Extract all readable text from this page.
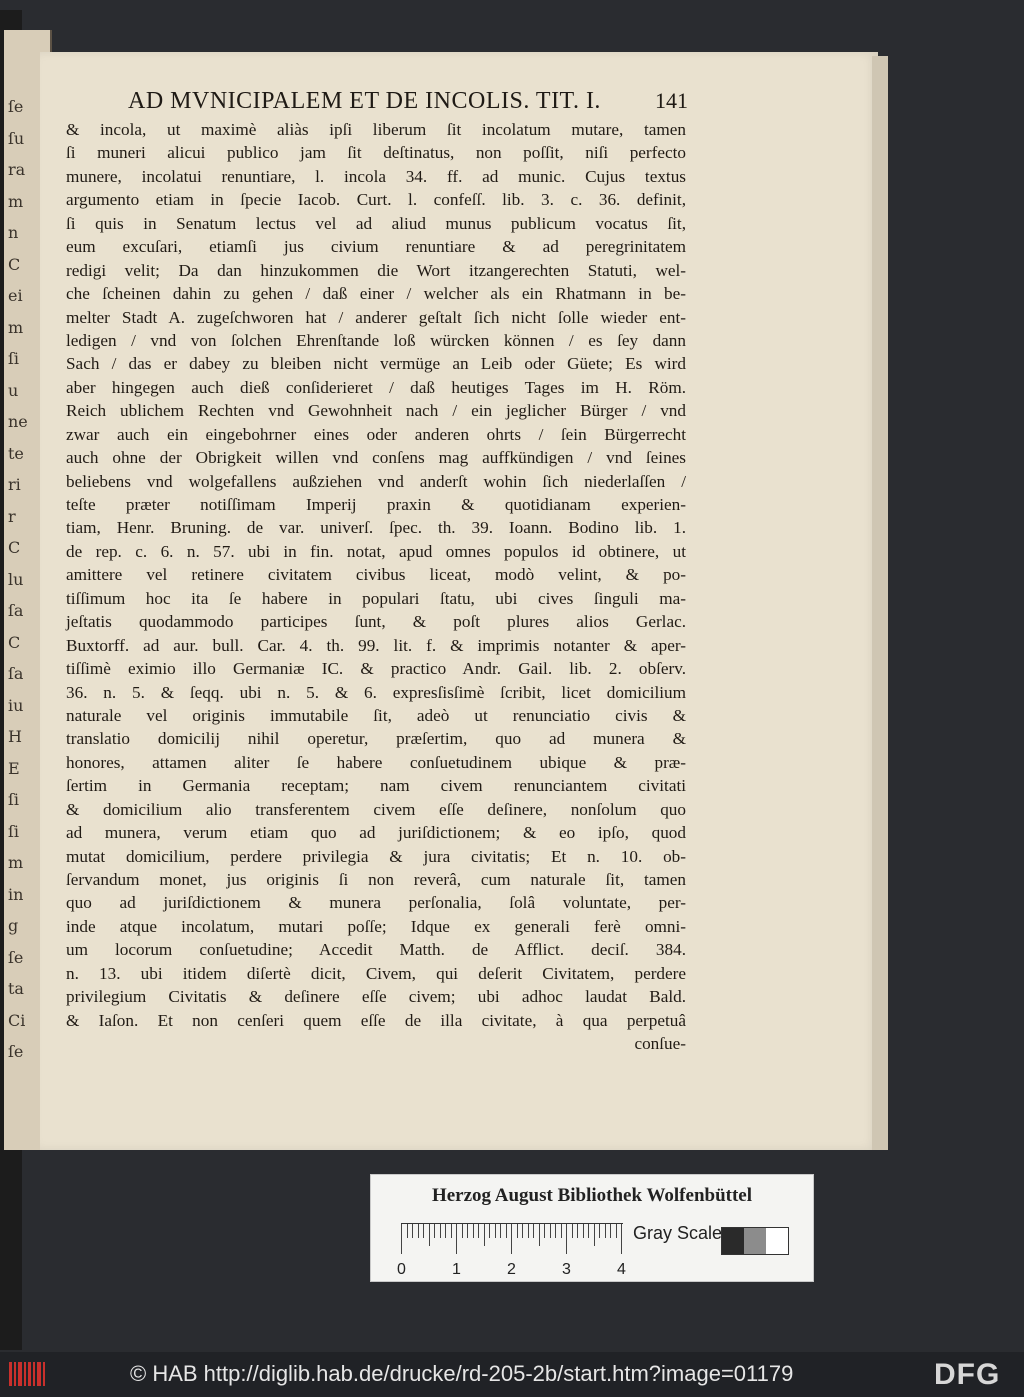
ſe
ſu
ra
m
n
C
ei
m
ſi
u
ne
te
ri
r
C
lu
ſa
C
ſa
iu
H
E
ſi
ſi
m
in
g
ſe
ta
Ci
ſe
AD MVNICIPALEM ET DE INCOLIS. TIT. I. 141
& incola, ut maximè aliàs ipſi liberum ſit incolatum mutare, tamen
ſi muneri alicui publico jam ſit deſtinatus, non poſſit, niſi perfecto
munere, incolatui renuntiare, l. incola 34. ff. ad munic. Cujus textus
argumento etiam in ſpecie Iacob. Curt. l. confeſſ. lib. 3. c. 36. definit,
ſi quis in Senatum lectus vel ad aliud munus publicum vocatus ſit,
eum excuſari, etiamſi jus civium renuntiare & ad peregrinitatem
redigi velit; Da dan hinzukommen die Wort itzangerechten Statuti, wel-
che ſcheinen dahin zu gehen / daß einer / welcher als ein Rhatmann in be-
melter Stadt A. zugeſchworen hat / anderer geſtalt ſich nicht ſolle wieder ent-
ledigen / vnd von ſolchen Ehrenſtande loß würcken können / es ſey dann
Sach / das er dabey zu bleiben nicht vermüge an Leib oder Güete; Es wird
aber hingegen auch dieß conſiderieret / daß heutiges Tages im H. Röm.
Reich ublichem Rechten vnd Gewohnheit nach / ein jeglicher Bürger / vnd
zwar auch ein eingebohrner eines oder anderen ohrts / ſein Bürgerrecht
auch ohne der Obrigkeit willen vnd conſens mag auffkündigen / vnd ſeines
beliebens vnd wolgefallens außziehen vnd anderſt wohin ſich niederlaſſen /
teſte præter notiſſimam Imperij praxin & quotidianam experien-
tiam, Henr. Bruning. de var. univerſ. ſpec. th. 39. Ioann. Bodino lib. 1.
de rep. c. 6. n. 57. ubi in fin. notat, apud omnes populos id obtinere, ut
amittere vel retinere civitatem civibus liceat, modò velint, & po-
tiſſimum hoc ita ſe habere in populari ſtatu, ubi cives ſinguli ma-
jeſtatis quodammodo participes ſunt, & poſt plures alios Gerlac.
Buxtorff. ad aur. bull. Car. 4. th. 99. lit. f. & imprimis notanter & aper-
tiſſimè eximio illo Germaniæ IC. & practico Andr. Gail. lib. 2. obſerv.
36. n. 5. & ſeqq. ubi n. 5. & 6. expresſisſimè ſcribit, licet domicilium
naturale vel originis immutabile ſit, adeò ut renunciatio civis &
translatio domicilij nihil operetur, præſertim, quo ad munera &
honores, attamen aliter ſe habere conſuetudinem ubique & præ-
ſertim in Germania receptam; nam civem renunciantem civitati
& domicilium alio transferentem civem eſſe deſinere, nonſolum quo
ad munera, verum etiam quo ad juriſdictionem; & eo ipſo, quod
mutat domicilium, perdere privilegia & jura civitatis; Et n. 10. ob-
ſervandum monet, jus originis ſi non reverâ, cum naturale ſit, tamen
quo ad juriſdictionem & munera perſonalia, ſolâ voluntate, per-
inde atque incolatum, mutari poſſe; Idque ex generali ferè omni-
um locorum conſuetudine; Accedit Matth. de Afflict. deciſ. 384.
n. 13. ubi itidem diſertè dicit, Civem, qui deſerit Civitatem, perdere
privilegium Civitatis & deſinere eſſe civem; ubi adhoc laudat Bald.
& Iaſon. Et non cenſeri quem eſſe de illa civitate, à qua perpetuâ
conſue-
Herzog August Bibliothek Wolfenbüttel
0	1	2	3	4
Gray Scale
© HAB http://diglib.hab.de/drucke/rd-205-2b/start.htm?image=01179	DFG
